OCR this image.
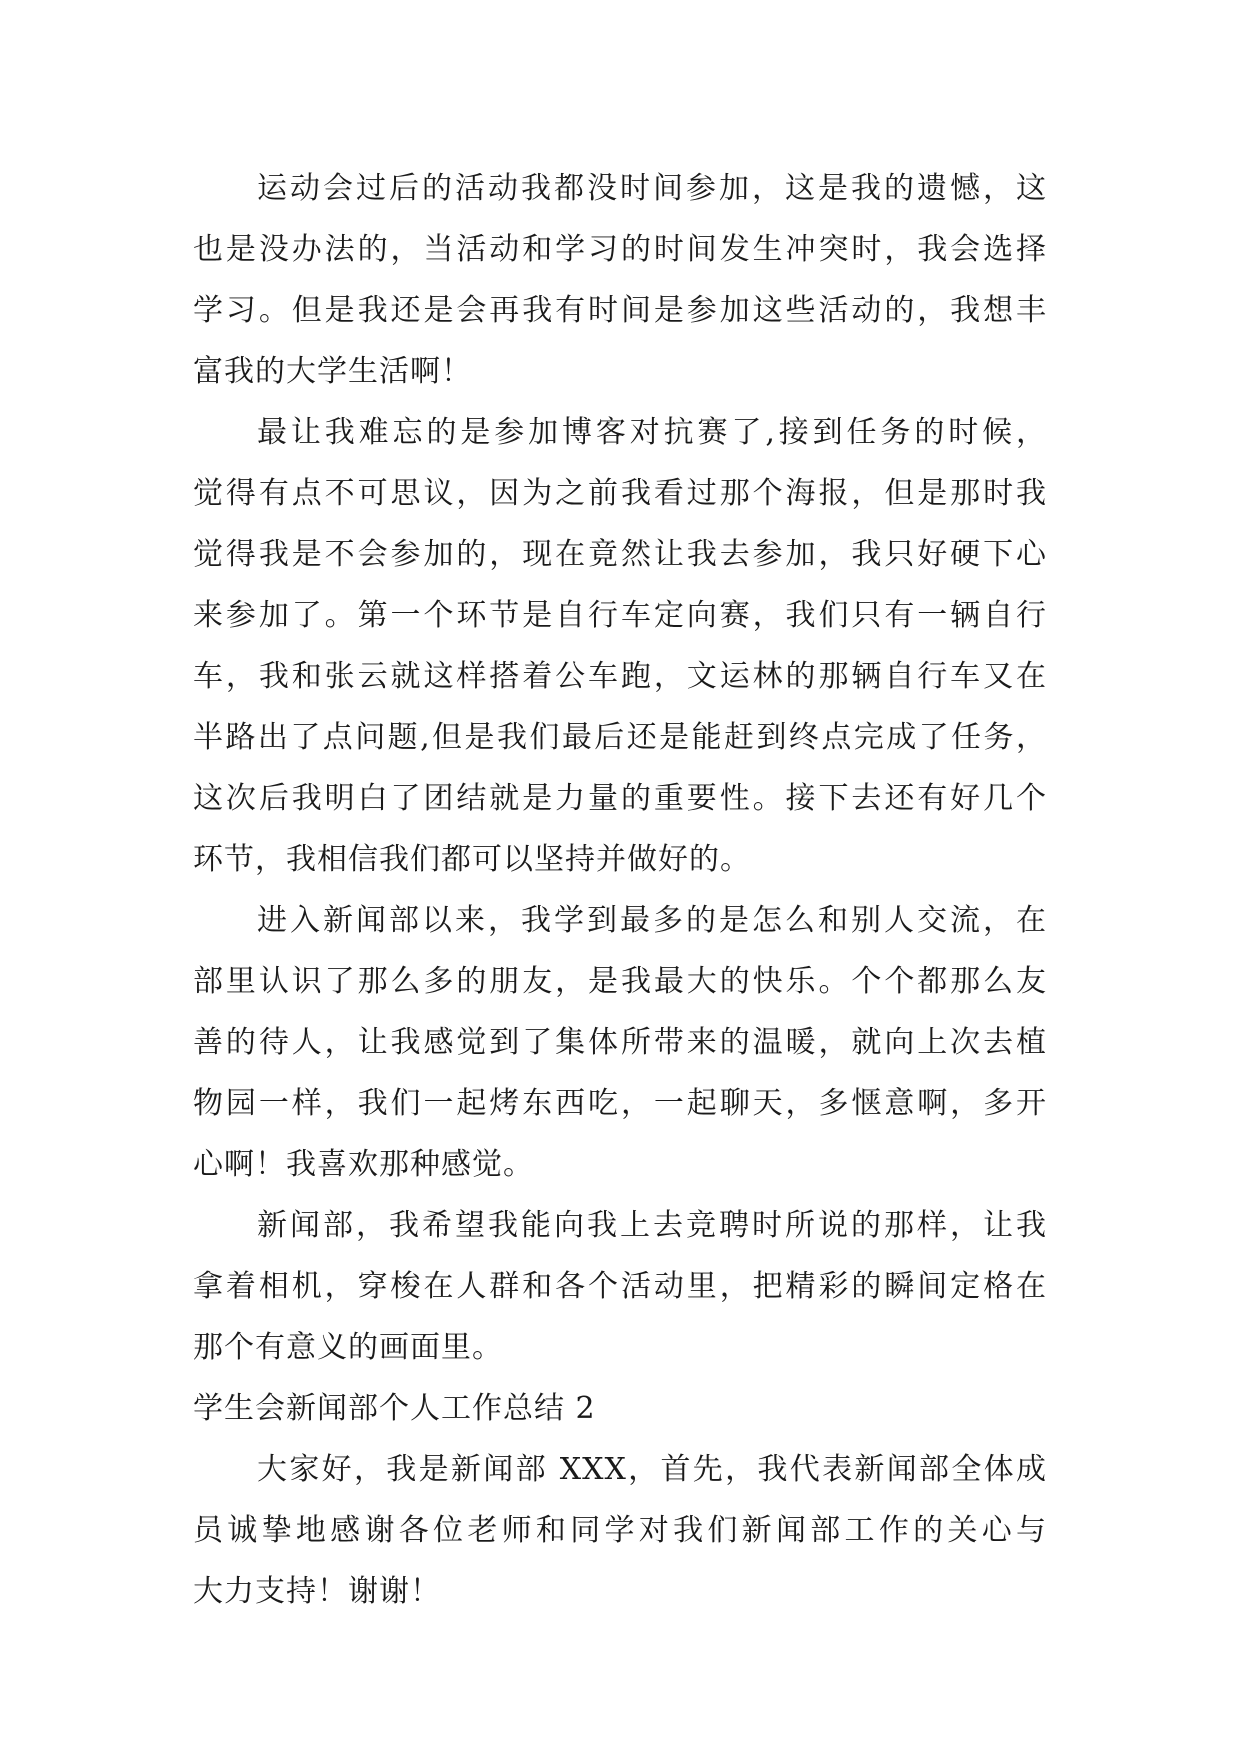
运动会过后的活动我都没时间参加，这是我的遗憾，这
也是没办法的，当活动和学习的时间发生冲突时，我会选择
学习。但是我还是会再我有时间是参加这些活动的，我想丰
富我的大学生活啊！

最让我难忘的是参加博客对抗赛了,接到任务的时候，
觉得有点不可思议，因为之前我看过那个海报，但是那时我
觉得我是不会参加的，现在竟然让我去参加，我只好硬下心
来参加了。第一个环节是自行车定向赛，我们只有一辆自行
车，我和张云就这样搭着公车跑，文运林的那辆自行车又在
半路出了点问题,但是我们最后还是能赶到终点完成了任务，
这次后我明白了团结就是力量的重要性。接下去还有好几个
环节，我相信我们都可以坚持并做好的。

进入新闻部以来，我学到最多的是怎么和别人交流，在
部里认识了那么多的朋友，是我最大的快乐。个个都那么友
善的待人，让我感觉到了集体所带来的温暖，就向上次去植
物园一样，我们一起烤东西吃，一起聊天，多惬意啊，多开
心啊！我喜欢那种感觉。

新闻部，我希望我能向我上去竞聘时所说的那样，让我
拿着相机，穿梭在人群和各个活动里，把精彩的瞬间定格在
那个有意义的画面里。

学生会新闻部个人工作总结 2

大家好，我是新闻部 XXX，首先，我代表新闻部全体成
员诚挚地感谢各位老师和同学对我们新闻部工作的关心与
大力支持！谢谢！
